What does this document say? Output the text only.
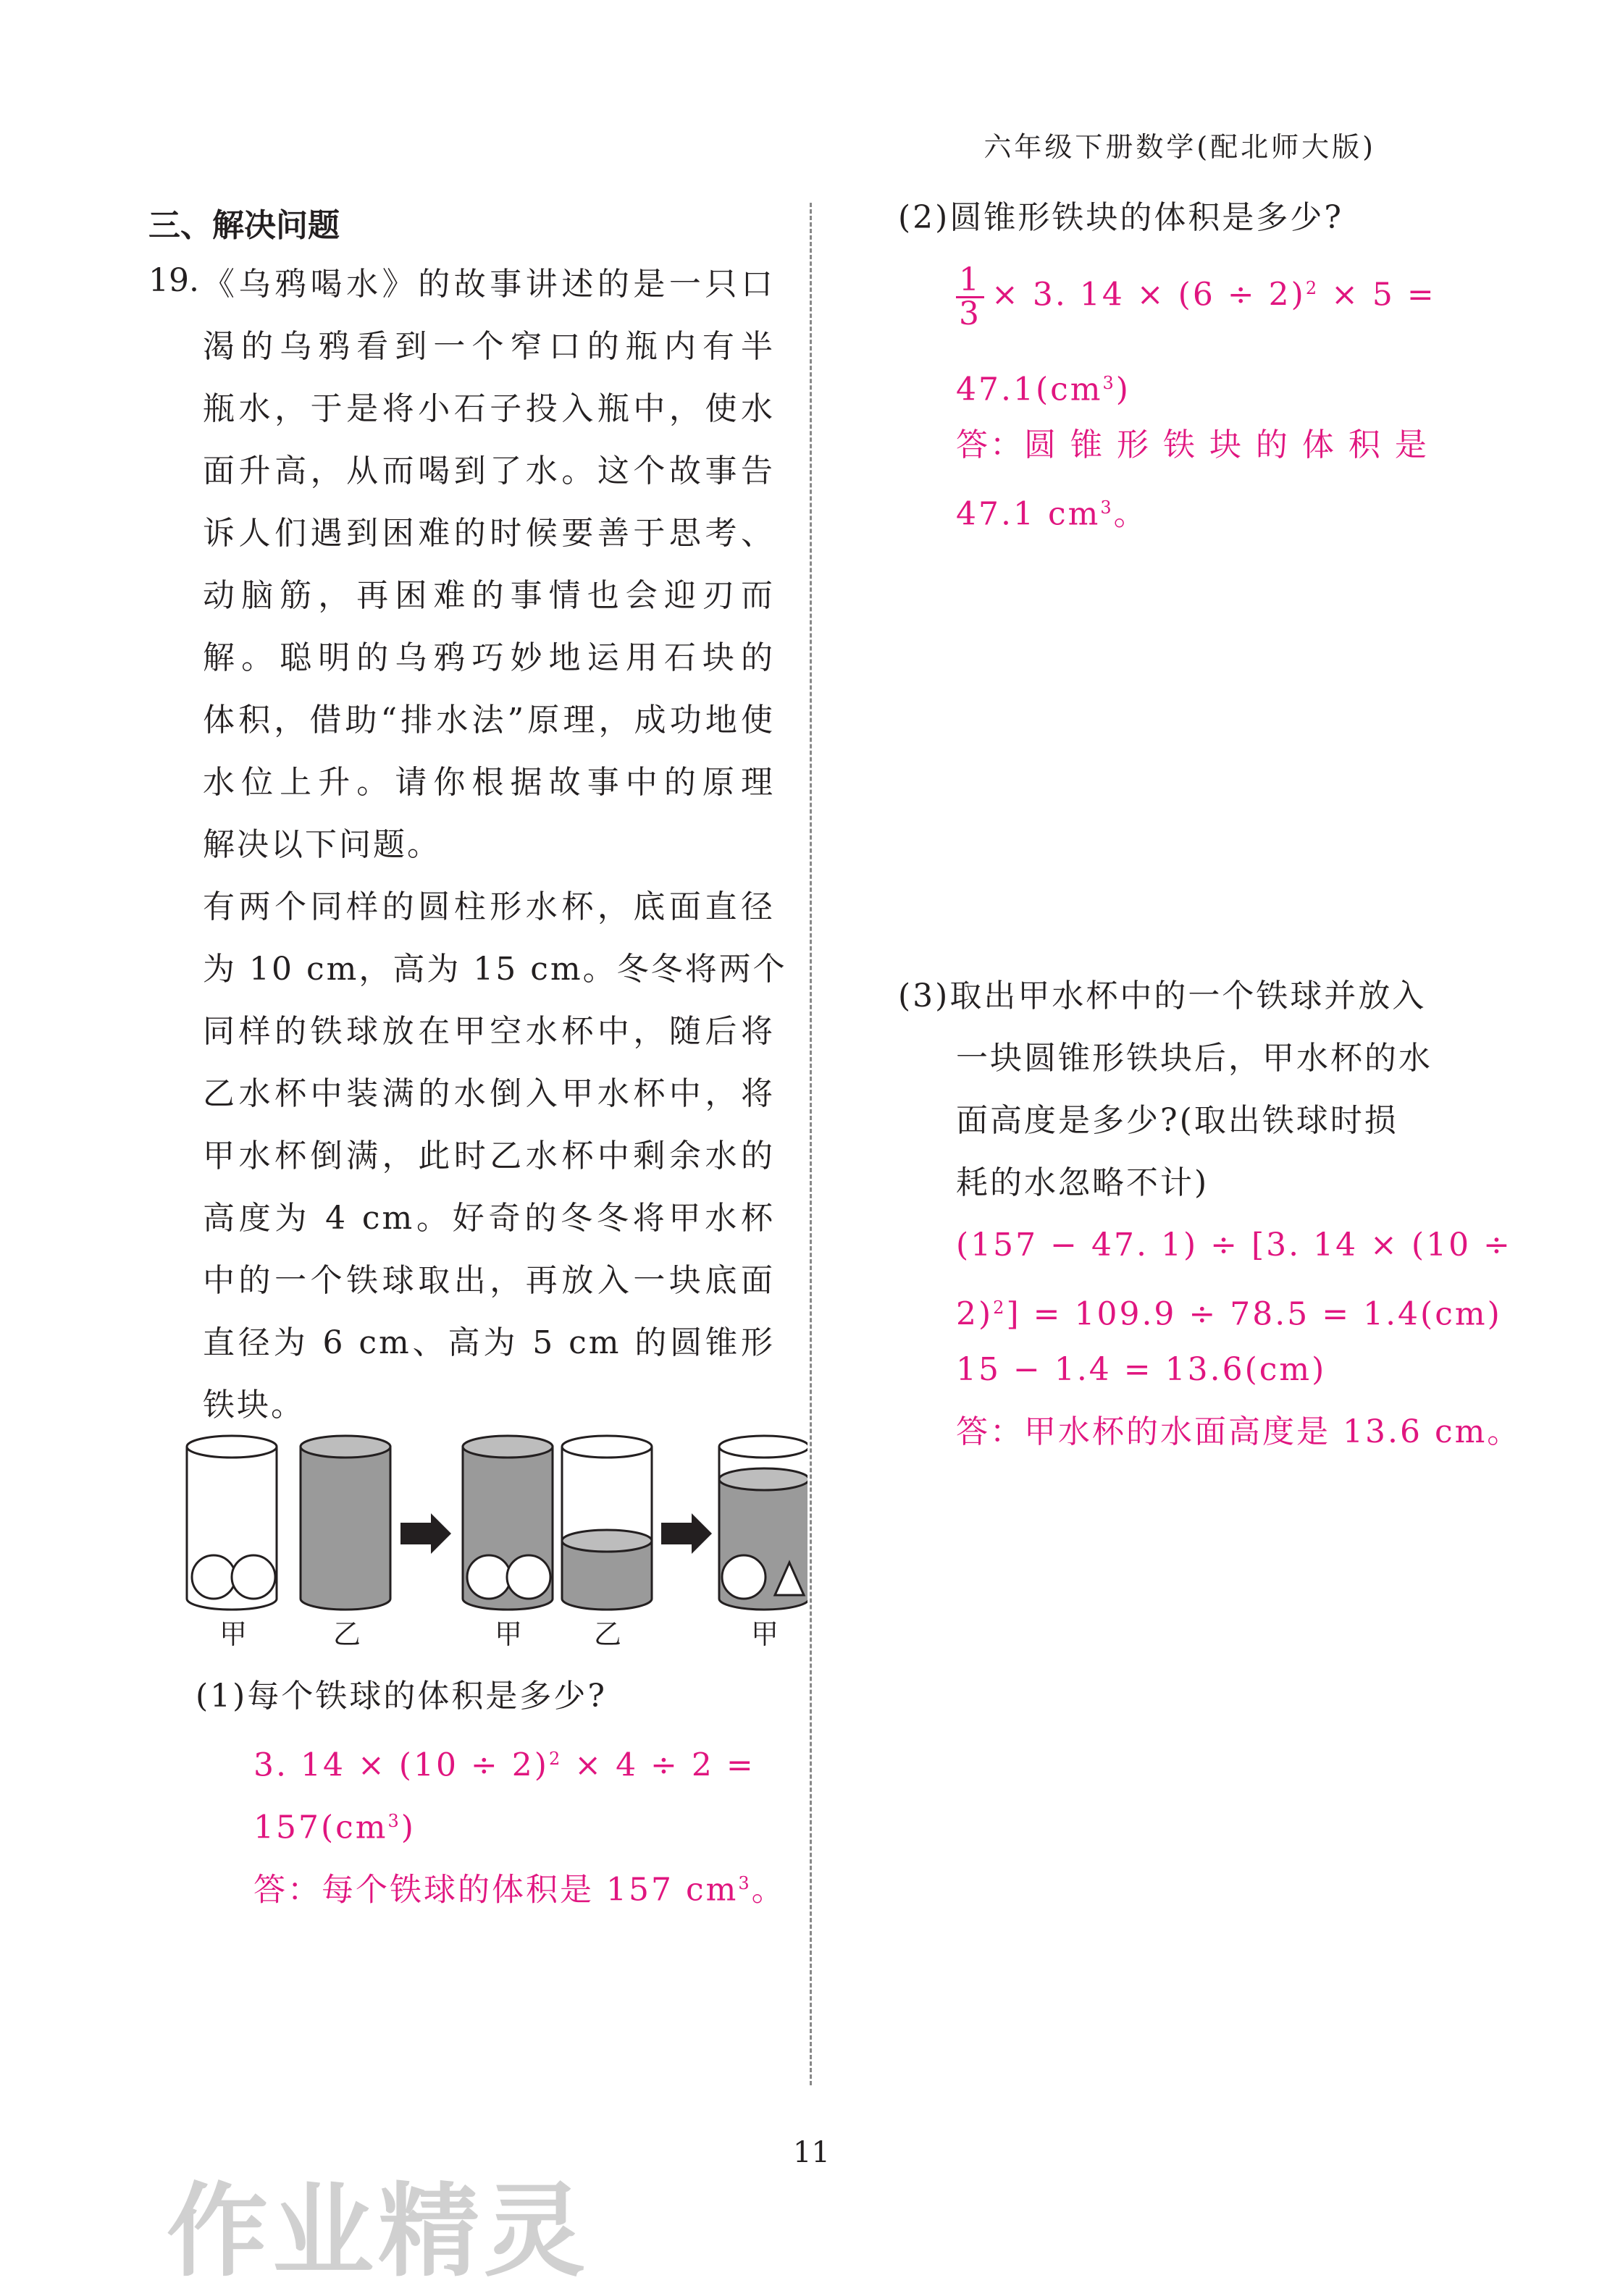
六年级下册数学(配北师大版)
三、解决问题
19. 《乌鸦喝水》的故事讲述的是一只口
渴的乌鸦看到一个窄口的瓶内有半
瓶水，于是将小石子投入瓶中，使水
面升高，从而喝到了水。这个故事告
诉人们遇到困难的时候要善于思考、
动脑筋，再困难的事情也会迎刃而
解。聪明的乌鸦巧妙地运用石块的
体积，借助“排水法”原理，成功地使
水位上升。请你根据故事中的原理
解决以下问题。
有两个同样的圆柱形水杯，底面直径
为 10 cm，高为 15 cm。冬冬将两个
同样的铁球放在甲空水杯中，随后将
乙水杯中装满的水倒入甲水杯中，将
甲水杯倒满，此时乙水杯中剩余水的
高度为 4 cm。好奇的冬冬将甲水杯
中的一个铁球取出，再放入一块底面
直径为 6 cm、高为 5 cm 的圆锥形
铁块。
甲	乙	甲	乙	甲
(1)每个铁球的体积是多少?
3. $14 \times (10 \div 2)^2 \times 4 \div 2$ =
$157(cm^3)$
答：每个铁球的体积是 157 $cm^3$。
(2)圆锥形铁块的体积是多少?
$\frac{1}{3} \times 3$. $14 \times (6 \div 2)^2 \times 5$ =
$47.1(cm^3)$
答：圆 锥 形 铁 块 的 体 积 是
47.1 $cm^3$。
(3)取出甲水杯中的一个铁球并放入
一块圆锥形铁块后，甲水杯的水
面高度是多少?(取出铁球时损
耗的水忽略不计)
(157 − 47. 1) ÷ [3. 14 × (10 ÷
2)$^2$] = 109.9 ÷ 78.5 = 1.4(cm)
15 − 1.4 = 13.6(cm)
答：甲水杯的水面高度是 13.6 cm。
11
作业精灵
